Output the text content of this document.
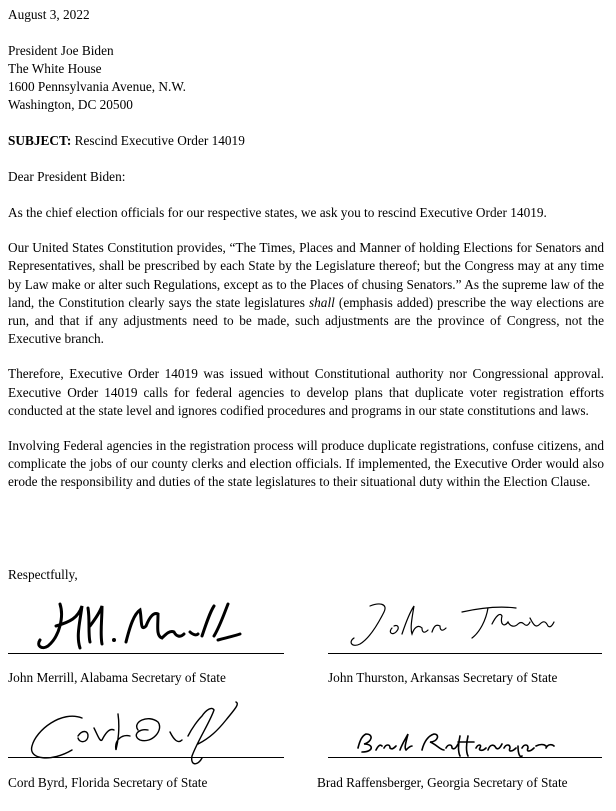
August 3, 2022
President Joe Biden
The White House
1600 Pennsylvania Avenue, N.W.
Washington, DC 20500
SUBJECT: Rescind Executive Order 14019
Dear President Biden:

As the chief election officials for our respective states, we ask you to rescind Executive Order 14019.

Our United States Constitution provides, “The Times, Places and Manner of holding Elections for Senators and Representatives, shall be prescribed by each State by the Legislature thereof; but the Congress may at any time by Law make or alter such Regulations, except as to the Places of chusing Senators.” As the supreme law of the land, the Constitution clearly says the state legislatures shall (emphasis added) prescribe the way elections are run, and that if any adjustments need to be made, such adjustments are the province of Congress, not the Executive branch.

Therefore, Executive Order 14019 was issued without Constitutional authority nor Congressional approval. Executive Order 14019 calls for federal agencies to develop plans that duplicate voter registration efforts conducted at the state level and ignores codified procedures and programs in our state constitutions and laws.

Involving Federal agencies in the registration process will produce duplicate registrations, confuse citizens, and complicate the jobs of our county clerks and election officials. If implemented, the Executive Order would also erode the responsibility and duties of the state legislatures to their situational duty within the Election Clause.

Respectfully,
John Merrill, Alabama Secretary of State	John Thurston, Arkansas Secretary of State
Cord Byrd, Florida Secretary of State	Brad Raffensberger, Georgia Secretary of State
